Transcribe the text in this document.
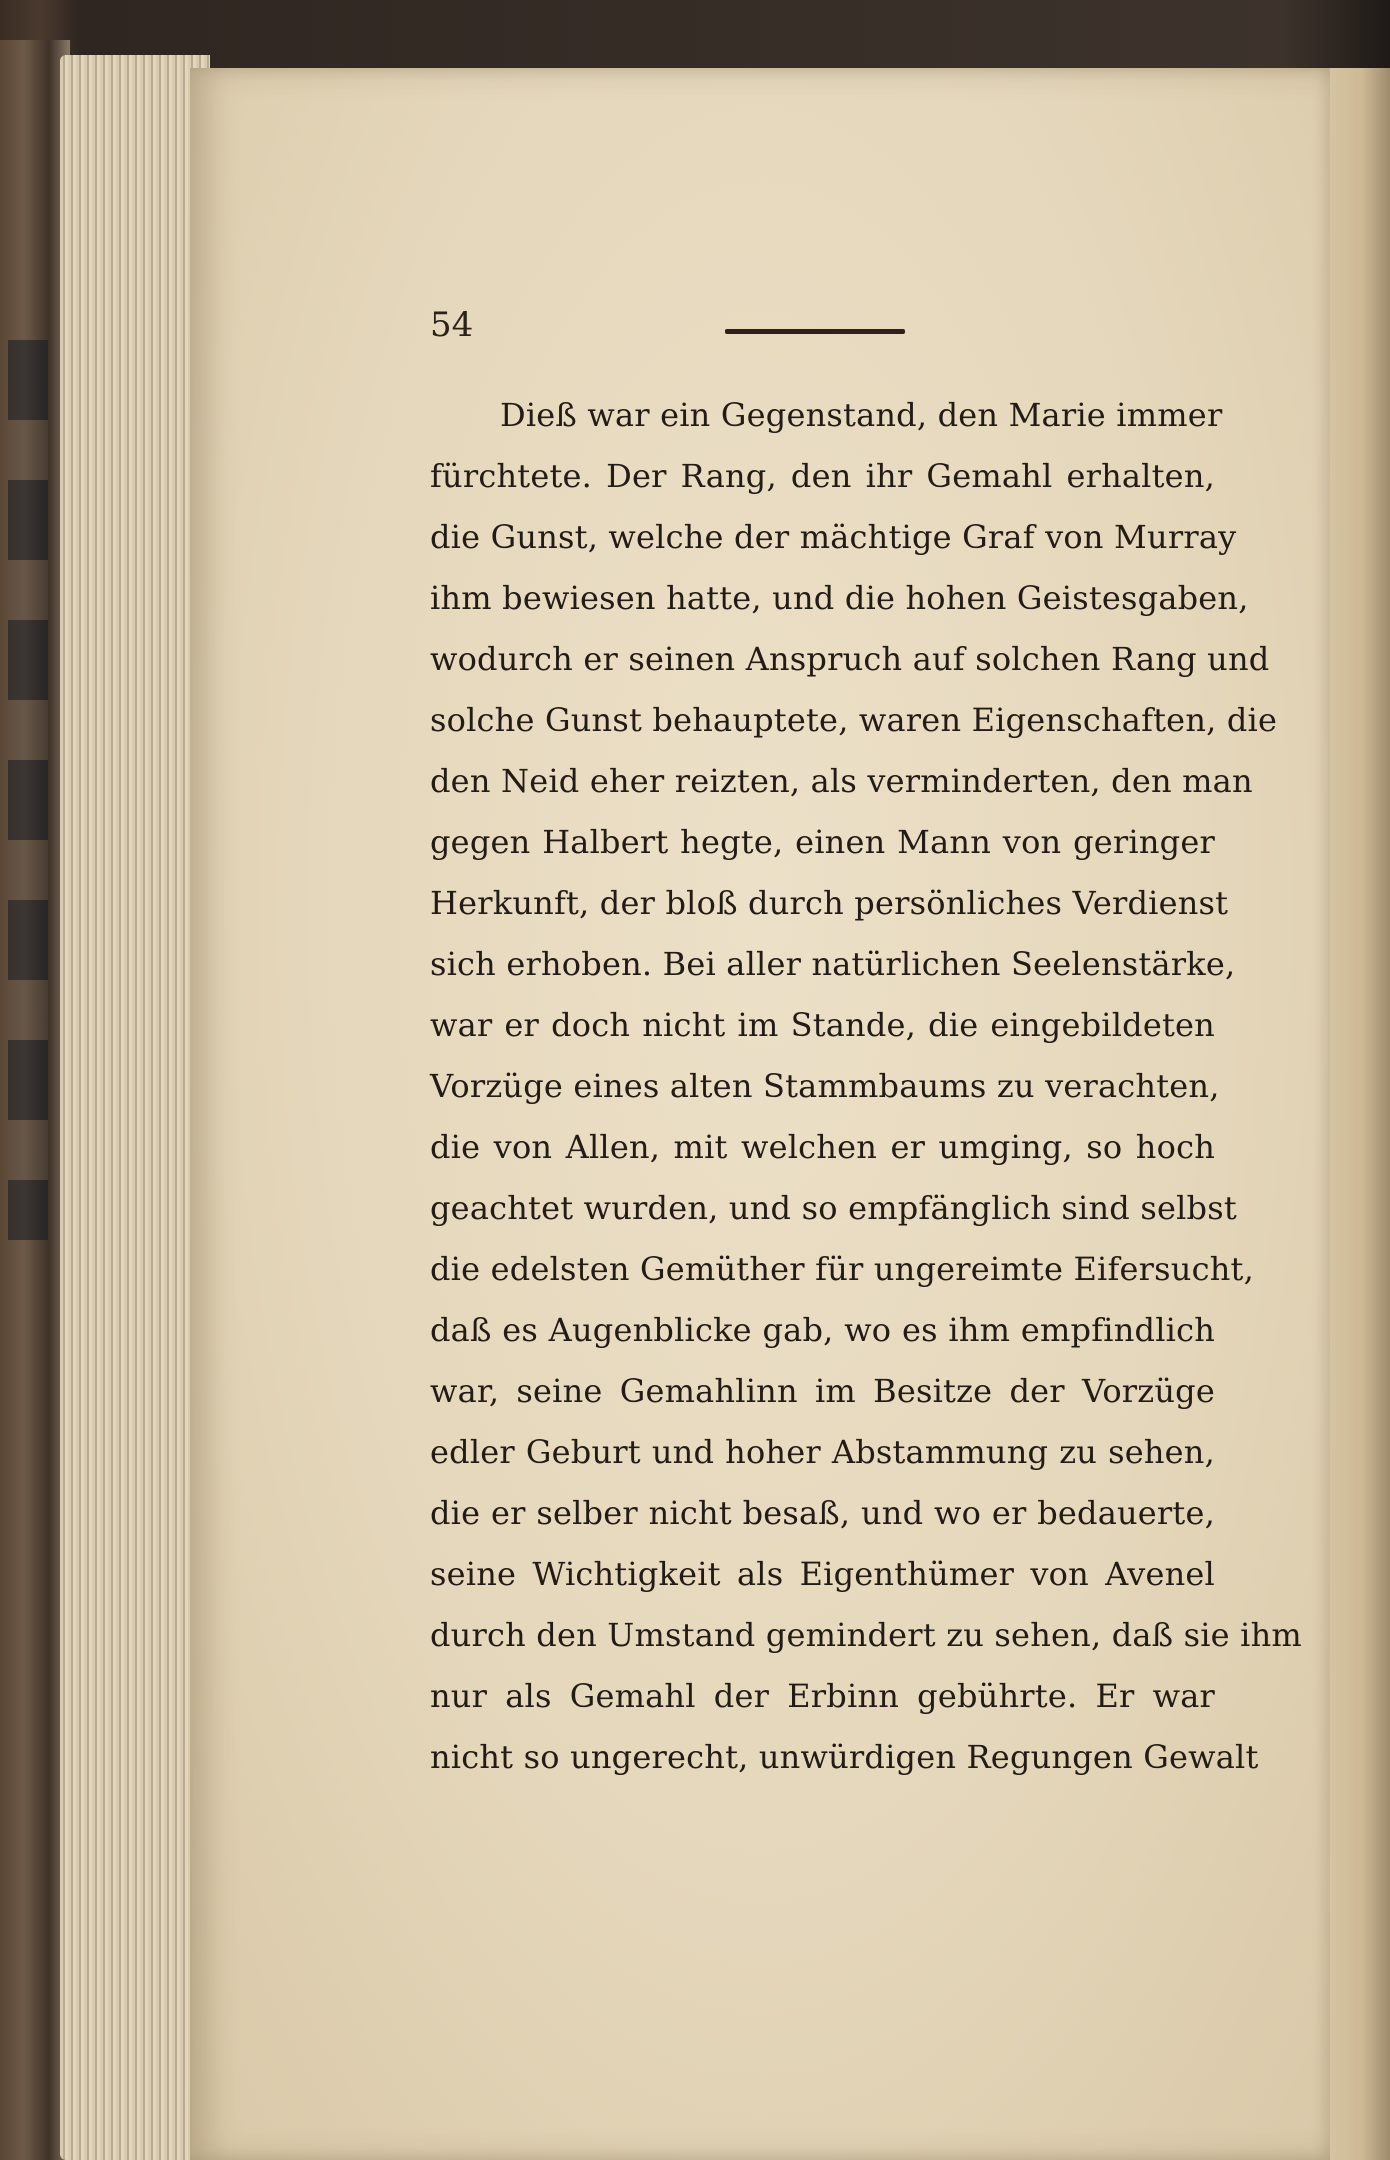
54
Dieß war ein Gegenstand, den Marie immer
fürchtete. Der Rang, den ihr Gemahl erhalten,
die Gunst, welche der mächtige Graf von Murray
ihm bewiesen hatte, und die hohen Geistesgaben,
wodurch er seinen Anspruch auf solchen Rang und
solche Gunst behauptete, waren Eigenschaften, die
den Neid eher reizten, als verminderten, den man
gegen Halbert hegte, einen Mann von geringer
Herkunft, der bloß durch persönliches Verdienst
sich erhoben. Bei aller natürlichen Seelenstärke,
war er doch nicht im Stande, die eingebildeten
Vorzüge eines alten Stammbaums zu verachten,
die von Allen, mit welchen er umging, so hoch
geachtet wurden, und so empfänglich sind selbst
die edelsten Gemüther für ungereimte Eifersucht,
daß es Augenblicke gab, wo es ihm empfindlich
war, seine Gemahlinn im Besitze der Vorzüge
edler Geburt und hoher Abstammung zu sehen,
die er selber nicht besaß, und wo er bedauerte,
seine Wichtigkeit als Eigenthümer von Avenel
durch den Umstand gemindert zu sehen, daß sie ihm
nur als Gemahl der Erbinn gebührte. Er war
nicht so ungerecht, unwürdigen Regungen Gewalt
